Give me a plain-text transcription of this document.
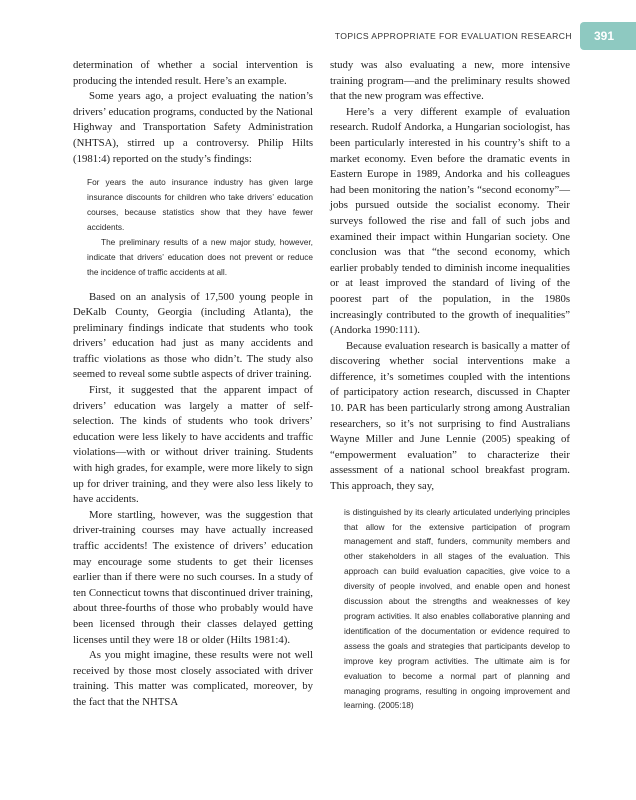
TOPICS APPROPRIATE FOR EVALUATION RESEARCH	391

determination of whether a social intervention is producing the intended result. Here’s an example.

Some years ago, a project evaluating the nation’s drivers’ education programs, conducted by the National Highway and Transportation Safety Administration (NHTSA), stirred up a controversy. Philip Hilts (1981:4) reported on the study’s findings:

For years the auto insurance industry has given large insurance discounts for children who take drivers’ education courses, because statistics show that they have fewer accidents.

The preliminary results of a new major study, however, indicate that drivers’ education does not prevent or reduce the incidence of traffic accidents at all.

Based on an analysis of 17,500 young people in DeKalb County, Georgia (including Atlanta), the preliminary findings indicate that students who took drivers’ education had just as many accidents and traffic violations as those who didn’t. The study also seemed to reveal some subtle aspects of driver training.

First, it suggested that the apparent impact of drivers’ education was largely a matter of self-selection. The kinds of students who took drivers’ education were less likely to have accidents and traffic violations—with or without driver training. Students with high grades, for example, were more likely to sign up for driver training, and they were also less likely to have accidents.

More startling, however, was the suggestion that driver-training courses may have actually increased traffic accidents! The existence of drivers’ education may encourage some students to get their licenses earlier than if there were no such courses. In a study of ten Connecticut towns that discontinued driver training, about three-fourths of those who probably would have been licensed through their classes delayed getting licenses until they were 18 or older (Hilts 1981:4).

As you might imagine, these results were not well received by those most closely associated with driver training. This matter was complicated, moreover, by the fact that the NHTSA

study was also evaluating a new, more intensive training program—and the preliminary results showed that the new program was effective.

Here’s a very different example of evaluation research. Rudolf Andorka, a Hungarian sociologist, has been particularly interested in his country’s shift to a market economy. Even before the dramatic events in Eastern Europe in 1989, Andorka and his colleagues had been monitoring the nation’s “second economy”—jobs pursued outside the socialist economy. Their surveys followed the rise and fall of such jobs and examined their impact within Hungarian society. One conclusion was that “the second economy, which earlier probably tended to diminish income inequalities or at least improved the standard of living of the poorest part of the population, in the 1980s increasingly contributed to the growth of inequalities” (Andorka 1990:111).

Because evaluation research is basically a matter of discovering whether social interventions make a difference, it’s sometimes coupled with the intentions of participatory action research, discussed in Chapter 10. PAR has been particularly strong among Australian researchers, so it’s not surprising to find Australians Wayne Miller and June Lennie (2005) speaking of “empowerment evaluation” to characterize their assessment of a national school breakfast program. This approach, they say,

is distinguished by its clearly articulated underlying principles that allow for the extensive participation of program management and staff, funders, community members and other stakeholders in all stages of the evaluation. This approach can build evaluation capacities, give voice to a diversity of people involved, and enable open and honest discussion about the strengths and weaknesses of key program activities. It also enables collaborative planning and identification of the documentation or evidence required to assess the goals and strategies that participants develop to improve key program activities. The ultimate aim is for evaluation to become a normal part of planning and managing programs, resulting in ongoing improvement and learning. (2005:18)
